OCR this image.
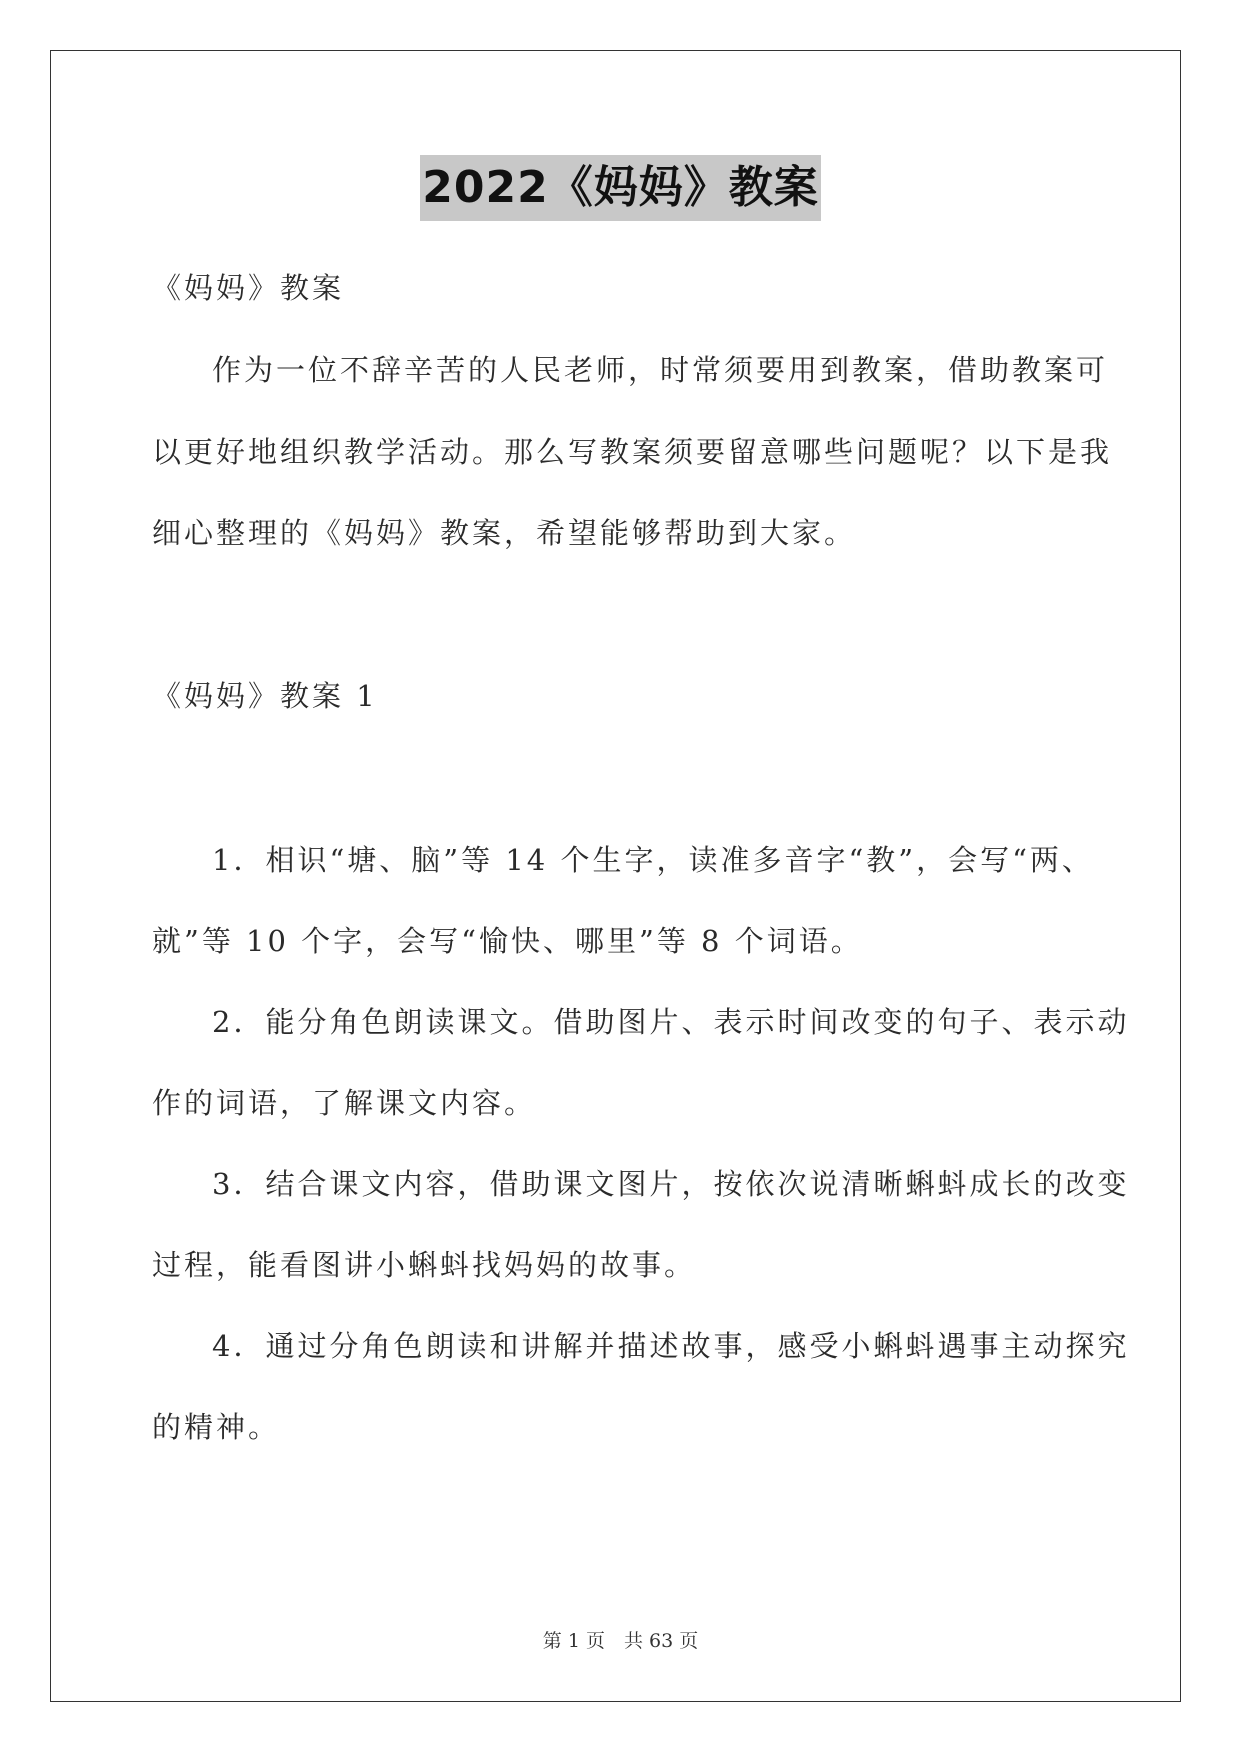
2022《妈妈》教案
《妈妈》教案
作为一位不辞辛苦的人民老师，时常须要用到教案，借助教案可
以更好地组织教学活动。那么写教案须要留意哪些问题呢？以下是我
细心整理的《妈妈》教案，希望能够帮助到大家。
《妈妈》教案 1
1．相识“塘、脑”等 14 个生字，读准多音字“教”，会写“两、
就”等 10 个字，会写“愉快、哪里”等 8 个词语。
2．能分角色朗读课文。借助图片、表示时间改变的句子、表示动
作的词语，了解课文内容。
3．结合课文内容，借助课文图片，按依次说清晰蝌蚪成长的改变
过程，能看图讲小蝌蚪找妈妈的故事。
4．通过分角色朗读和讲解并描述故事，感受小蝌蚪遇事主动探究
的精神。
第 1 页　共 63 页
